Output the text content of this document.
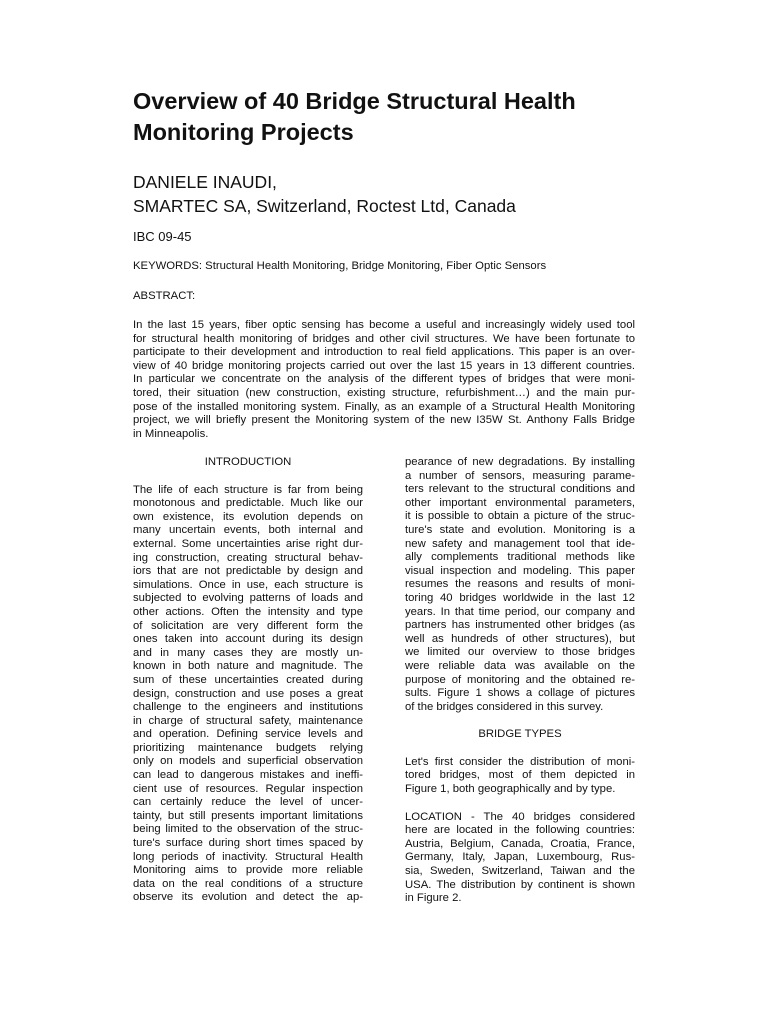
Overview of 40 Bridge Structural Health Monitoring Projects
DANIELE INAUDI,
SMARTEC SA, Switzerland, Roctest Ltd, Canada
IBC 09-45
KEYWORDS: Structural Health Monitoring, Bridge Monitoring, Fiber Optic Sensors
ABSTRACT:
In the last 15 years, fiber optic sensing has become a useful and increasingly widely used tool
for structural health monitoring of bridges and other civil structures. We have been fortunate to
participate to their development and introduction to real field applications. This paper is an over-
view of 40 bridge monitoring projects carried out over the last 15 years in 13 different countries.
In particular we concentrate on the analysis of the different types of bridges that were moni-
tored, their situation (new construction, existing structure, refurbishment…) and the main pur-
pose of the installed monitoring system. Finally, as an example of a Structural Health Monitoring
project, we will briefly present the Monitoring system of the new I35W St. Anthony Falls Bridge
in Minneapolis.
INTRODUCTION
The life of each structure is far from being
monotonous and predictable. Much like our
own existence, its evolution depends on
many uncertain events, both internal and
external. Some uncertainties arise right dur-
ing construction, creating structural behav-
iors that are not predictable by design and
simulations. Once in use, each structure is
subjected to evolving patterns of loads and
other actions. Often the intensity and type
of solicitation are very different form the
ones taken into account during its design
and in many cases they are mostly un-
known in both nature and magnitude. The
sum of these uncertainties created during
design, construction and use poses a great
challenge to the engineers and institutions
in charge of structural safety, maintenance
and operation. Defining service levels and
prioritizing maintenance budgets relying
only on models and superficial observation
can lead to dangerous mistakes and ineffi-
cient use of resources. Regular inspection
can certainly reduce the level of uncer-
tainty, but still presents important limitations
being limited to the observation of the struc-
ture's surface during short times spaced by
long periods of inactivity. Structural Health
Monitoring aims to provide more reliable
data on the real conditions of a structure
observe its evolution and detect the ap-
pearance of new degradations. By installing
a number of sensors, measuring parame-
ters relevant to the structural conditions and
other important environmental parameters,
it is possible to obtain a picture of the struc-
ture's state and evolution. Monitoring is a
new safety and management tool that ide-
ally complements traditional methods like
visual inspection and modeling. This paper
resumes the reasons and results of moni-
toring 40 bridges worldwide in the last 12
years. In that time period, our company and
partners has instrumented other bridges (as
well as hundreds of other structures), but
we limited our overview to those bridges
were reliable data was available on the
purpose of monitoring and the obtained re-
sults. Figure 1 shows a collage of pictures
of the bridges considered in this survey.
BRIDGE TYPES
Let's first consider the distribution of moni-
tored bridges, most of them depicted in
Figure 1, both geographically and by type.
LOCATION - The 40 bridges considered
here are located in the following countries:
Austria, Belgium, Canada, Croatia, France,
Germany, Italy, Japan, Luxembourg, Rus-
sia, Sweden, Switzerland, Taiwan and the
USA. The distribution by continent is shown
in Figure 2.
